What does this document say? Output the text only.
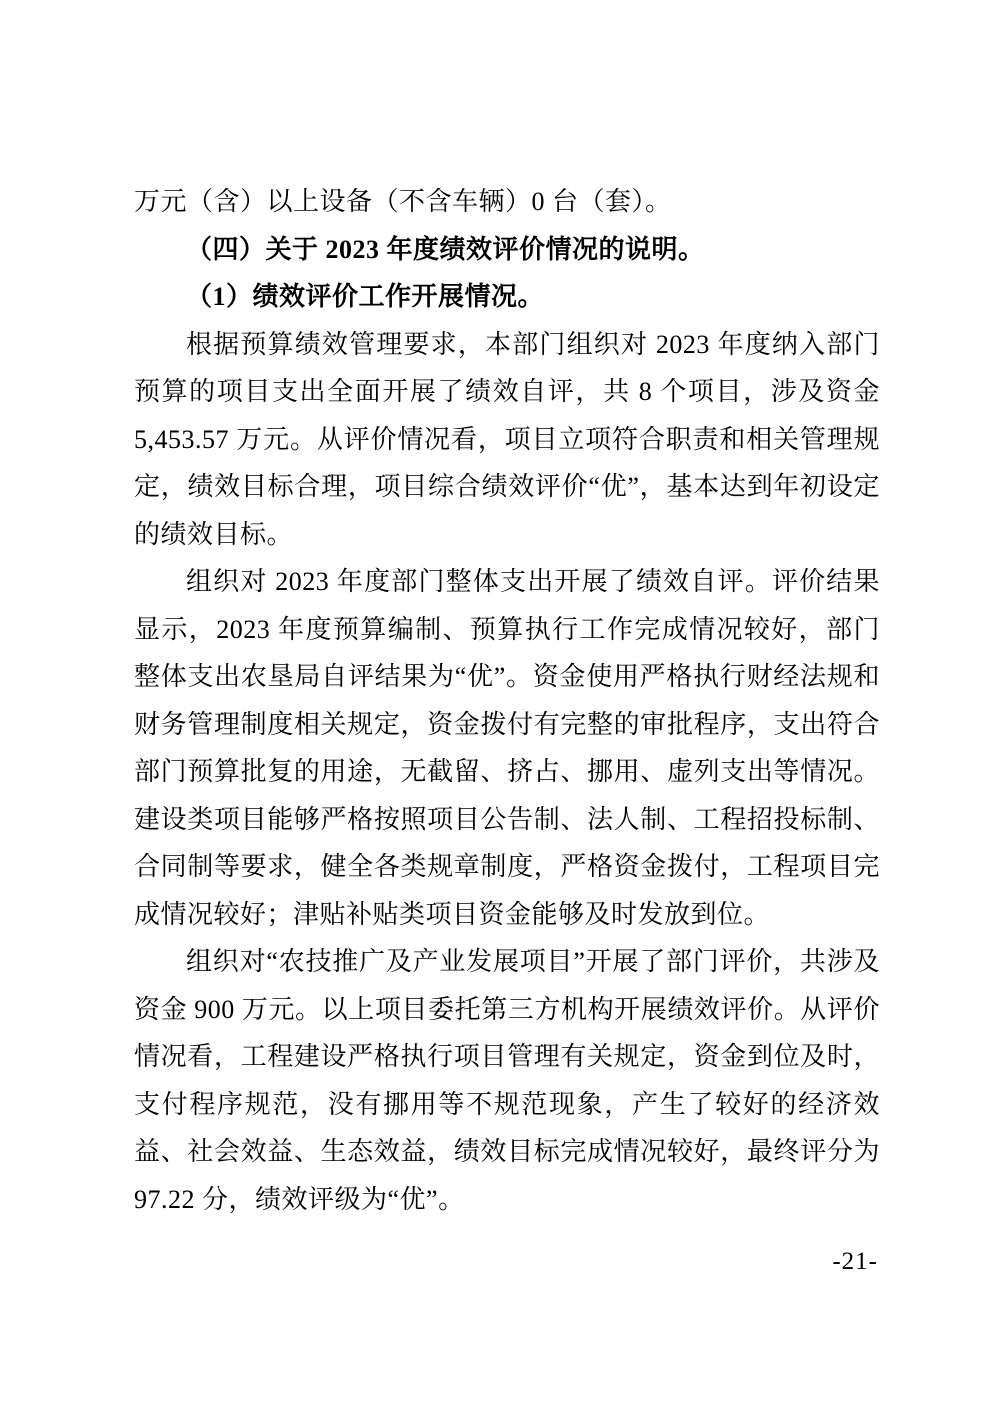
万元（含）以上设备（不含车辆）0 台（套）。

（四）关于 2023 年度绩效评价情况的说明。

（1）绩效评价工作开展情况。

根据预算绩效管理要求，本部门组织对 2023 年度纳入部门预算的项目支出全面开展了绩效自评，共 8 个项目，涉及资金 5,453.57 万元。从评价情况看，项目立项符合职责和相关管理规定，绩效目标合理，项目综合绩效评价“优”，基本达到年初设定的绩效目标。

组织对 2023 年度部门整体支出开展了绩效自评。评价结果显示，2023 年度预算编制、预算执行工作完成情况较好，部门整体支出农垦局自评结果为“优”。资金使用严格执行财经法规和财务管理制度相关规定，资金拨付有完整的审批程序，支出符合部门预算批复的用途，无截留、挤占、挪用、虚列支出等情况。建设类项目能够严格按照项目公告制、法人制、工程招投标制、合同制等要求，健全各类规章制度，严格资金拨付，工程项目完成情况较好；津贴补贴类项目资金能够及时发放到位。

组织对“农技推广及产业发展项目”开展了部门评价，共涉及资金 900 万元。以上项目委托第三方机构开展绩效评价。从评价情况看，工程建设严格执行项目管理有关规定，资金到位及时，支付程序规范，没有挪用等不规范现象，产生了较好的经济效益、社会效益、生态效益，绩效目标完成情况较好，最终评分为 97.22 分，绩效评级为“优”。

-21-
